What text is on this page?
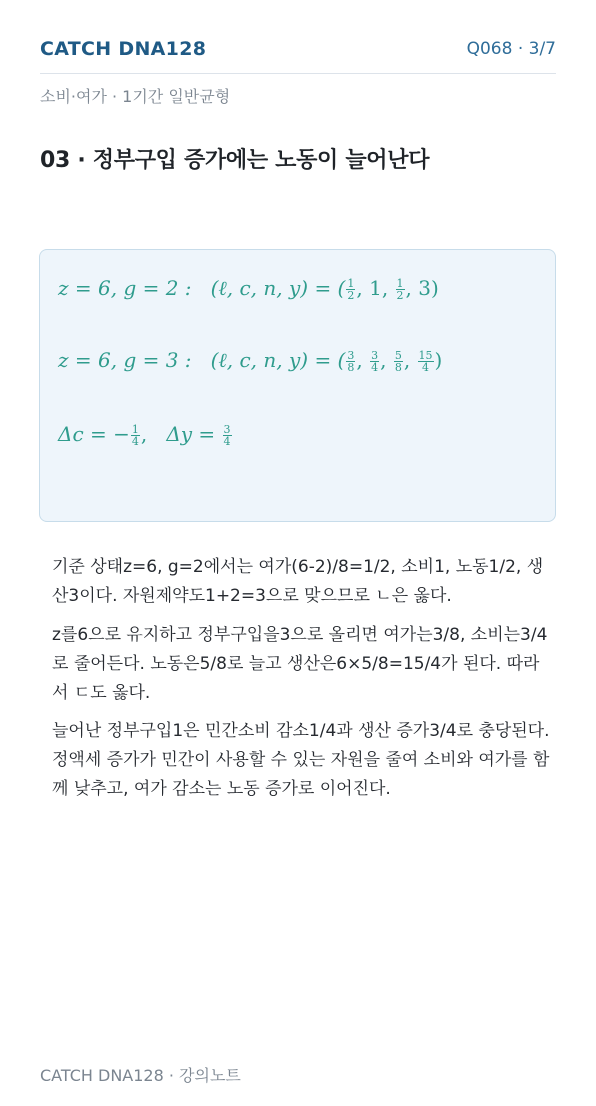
CATCH DNA128	Q068 · 3/7
소비·여가 · 1기간 일반균형
03 · 정부구입 증가에는 노동이 늘어난다
z = 6, g = 2 : (ℓ, c, n, y) = ( $\frac{1}{2}$ , 1, $\frac{1}{2}$ , 3)
z = 6, g = 3 : (ℓ, c, n, y) = ( $\frac{3}{8}$ , $\frac{3}{4}$ , $\frac{5}{8}$ , $\frac{15}{4}$ )
Δc = − $\frac{1}{4}$ ,   $\Delta y = \frac{3}{4}$

기준 상태z=6, g=2에서는 여가(6-2)/8=1/2, 소비1, 노동1/2, 생산3이다. 자원제약도1+2=3으로 맞으므로 ㄴ은 옳다.

z를6으로 유지하고 정부구입을3으로 올리면 여가는3/8, 소비는3/4로 줄어든다. 노동은5/8로 늘고 생산은6×5/8=15/4가 된다. 따라서 ㄷ도 옳다.

늘어난 정부구입1은 민간소비 감소1/4과 생산 증가3/4로 충당된다. 정액세 증가가 민간이 사용할 수 있는 자원을 줄여 소비와 여가를 함께 낮추고, 여가 감소는 노동 증가로 이어진다.

CATCH DNA128 · 강의노트
